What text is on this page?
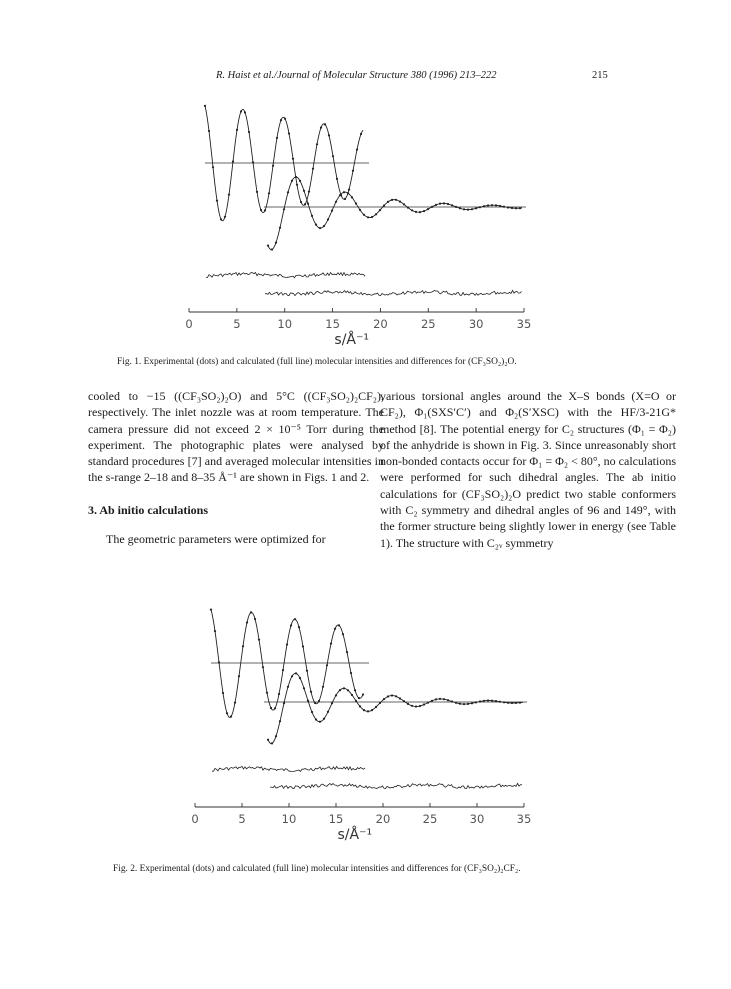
R. Haist et al./Journal of Molecular Structure 380 (1996) 213–222	215
0	5	10	15	20	25	30	35
s/Å⁻¹
Fig. 1. Experimental (dots) and calculated (full line) molecular intensities and differences for (CF₃SO₂)₂O.

cooled to −15 ((CF₃SO₂)₂O) and 5°C ((CF₃SO₂)₂CF₂), respectively. The inlet nozzle was at room temperature. The camera pressure did not exceed 2 × 10⁻⁵ Torr during the experiment. The photographic plates were analysed by standard procedures [7] and averaged molecular intensities in the s-range 2–18 and 8–35 Å⁻¹ are shown in Figs. 1 and 2.

3. Ab initio calculations

The geometric parameters were optimized for

various torsional angles around the X–S bonds (X=O or CF₂), Φ₁(SXS′C′) and Φ₂(S′XSC) with the HF/3-21G* method [8]. The potential energy for C₂ structures (Φ₁ = Φ₂) of the anhydride is shown in Fig. 3. Since unreasonably short non-bonded contacts occur for Φ₁ = Φ₂ < 80°, no calculations were performed for such dihedral angles. The ab initio calculations for (CF₃SO₂)₂O predict two stable conformers with C₂ symmetry and dihedral angles of 96 and 149°, with the former structure being slightly lower in energy (see Table 1). The structure with C₂ᵥ symmetry

0	5	10	15	20	25	30	35
s/Å⁻¹
Fig. 2. Experimental (dots) and calculated (full line) molecular intensities and differences for (CF₃SO₂)₂CF₂.
